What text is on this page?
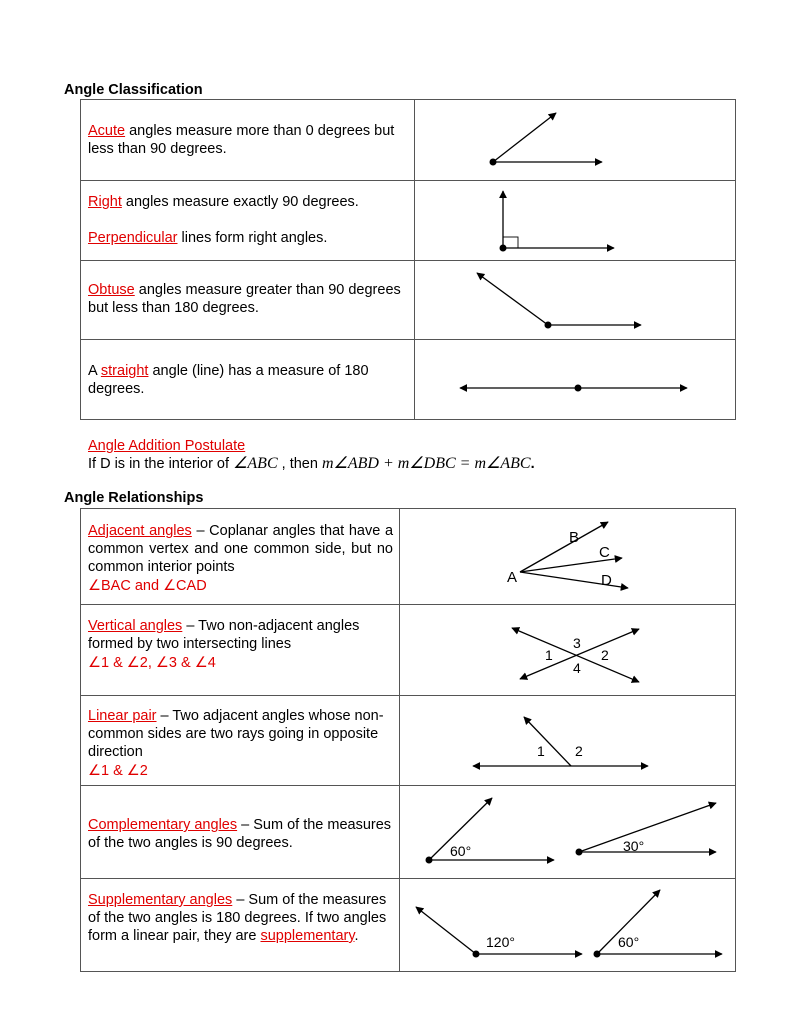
Angle Classification
Acute angles measure more than 0 degrees but less than 90 degrees.
Right angles measure exactly 90 degrees.
Perpendicular lines form right angles.
Obtuse angles measure greater than 90 degrees but less than 180 degrees.
A straight angle (line) has a measure of 180 degrees.
Angle Addition Postulate
If D is in the interior of ∠ABC , then m∠ABD + m∠DBC = m∠ABC.
Angle Relationships
Adjacent angles – Coplanar angles that have a common vertex and one common side, but no common interior points
∠BAC and ∠CAD
Vertical angles – Two non-adjacent angles formed by two intersecting lines
∠1 & ∠2, ∠3 & ∠4
Linear pair – Two adjacent angles whose non-common sides are two rays going in opposite direction
∠1 & ∠2
Complementary angles – Sum of the measures of the two angles is 90 degrees.
Supplementary angles – Sum of the measures of the two angles is 180 degrees. If two angles form a linear pair, they are supplementary.
B
C
D
A
3
1	2
4
1 2
60°	30°
120°	60°
